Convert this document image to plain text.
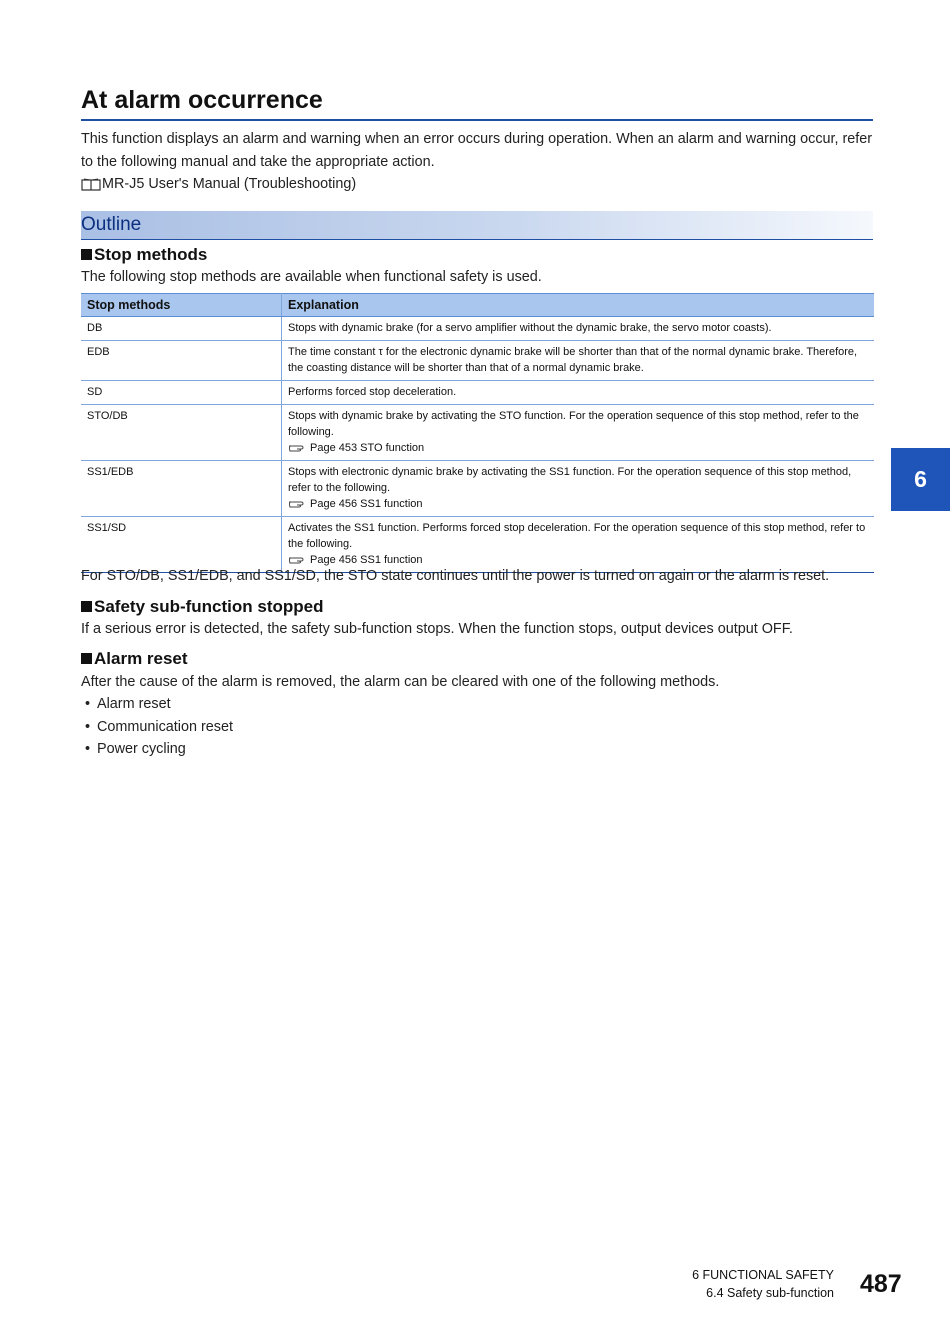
At alarm occurrence
This function displays an alarm and warning when an error occurs during operation. When an alarm and warning occur, refer to the following manual and take the appropriate action.
MR-J5 User's Manual (Troubleshooting)
Outline
Stop methods
The following stop methods are available when functional safety is used.
Stop methods	Explanation
DB	Stops with dynamic brake (for a servo amplifier without the dynamic brake, the servo motor coasts).

EDB	The time constant τ for the electronic dynamic brake will be shorter than that of the normal dynamic brake. Therefore, the coasting distance will be shorter than that of a normal dynamic brake.

SD	Performs forced stop deceleration.

STO/DB	Stops with dynamic brake by activating the STO function. For the operation sequence of this stop method, refer to the following.
Page 453 STO function

SS1/EDB	Stops with electronic dynamic brake by activating the SS1 function. For the operation sequence of this stop method, refer to the following.
Page 456 SS1 function

SS1/SD	Activates the SS1 function. Performs forced stop deceleration. For the operation sequence of this stop method, refer to the following.
Page 456 SS1 function
For STO/DB, SS1/EDB, and SS1/SD, the STO state continues until the power is turned on again or the alarm is reset.
Safety sub-function stopped
If a serious error is detected, the safety sub-function stops. When the function stops, output devices output OFF.
Alarm reset
After the cause of the alarm is removed, the alarm can be cleared with one of the following methods.
• Alarm reset
• Communication reset
• Power cycling
6
6 FUNCTIONAL SAFETY
6.4 Safety sub-function 487
